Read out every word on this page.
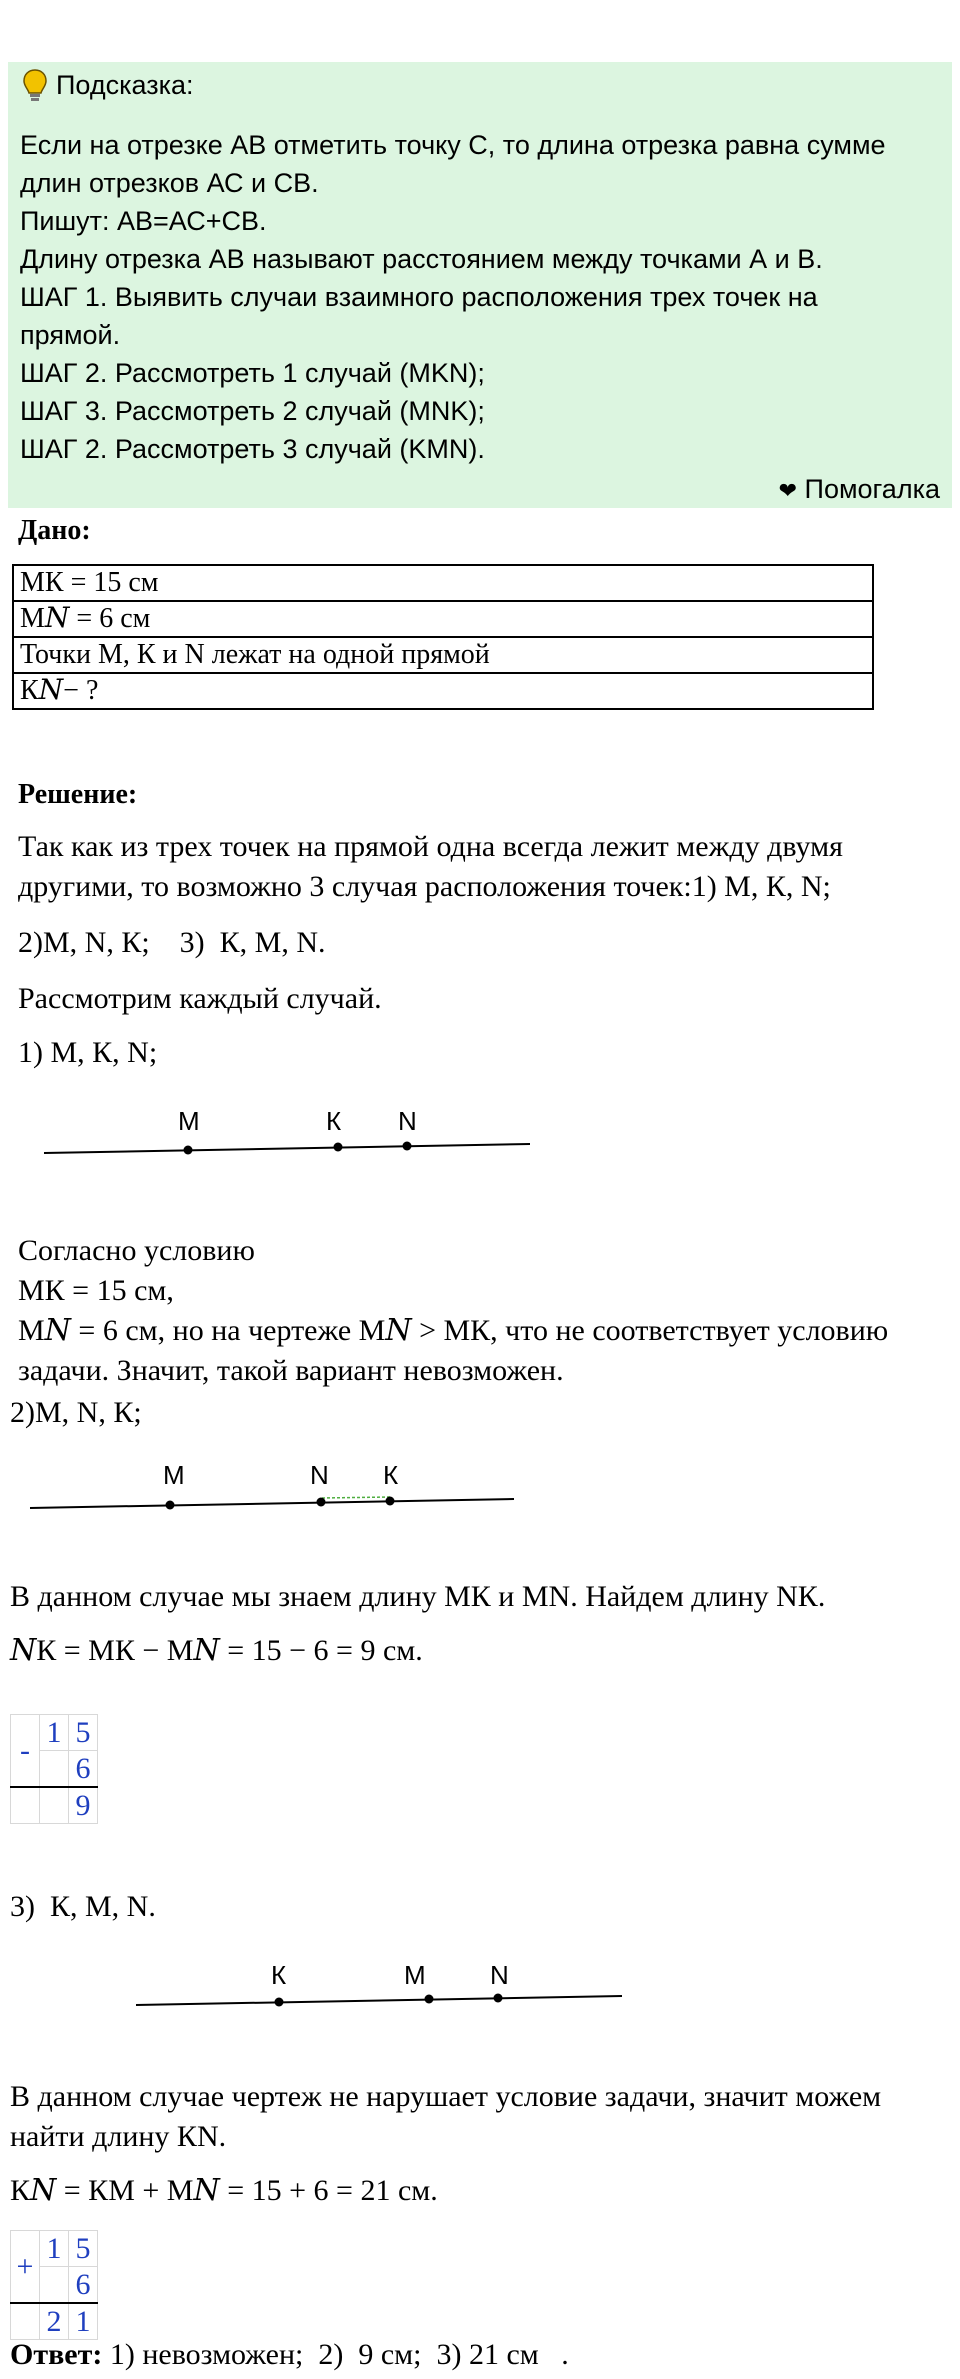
Подсказка:

Если на отрезке АВ отметить точку С, то длина отрезка равна сумме

длин отрезков АС и СВ.

Пишут: АВ=АС+СВ.

Длину отрезка АВ называют расстоянием между точками А и В.

ШАГ 1. Выявить случаи взаимного расположения трех точек на

прямой.

ШАГ 2. Рассмотреть 1 случай (MKN);

ШАГ 3. Рассмотреть 2 случай (MNK);

ШАГ 2. Рассмотреть 3 случай (KMN).

❤ Помогалка

Дано:
МК = 15 см
М𝑁 = 6 см
Точки М, К и N лежат на одной прямой
К𝑁− ?
Решение:
Так как из трех точек на прямой одна всегда лежит между двумя
другими, то возможно 3 случая расположения точек:1) М, К, N;
2)М, N, К;    3)  К, М, N.
Рассмотрим каждый случай.
1) М, К, N;
M	К N
Согласно условию
МК = 15 см,
М𝑁 = 6 см, но на чертеже М𝑁 > МК, что не соответствует условию
задачи. Значит, такой вариант невозможен.
2)М, N, К;
M	N К
В данном случае мы знаем длину МК и MN. Найдем длину NК.
𝑁К = МК − М𝑁 = 15 − 6 = 9 см.
-	1	5
		6
		9
3)  К, М, N.
К	M N
В данном случае чертеж не нарушает условие задачи, значит можем
найти длину КN.
К𝑁 = КМ + М𝑁 = 15 + 6 = 21 см.
+	1	5
		6
	2	1
Ответ: 1) невозможен;  2)  9 см;  3) 21 см   .
